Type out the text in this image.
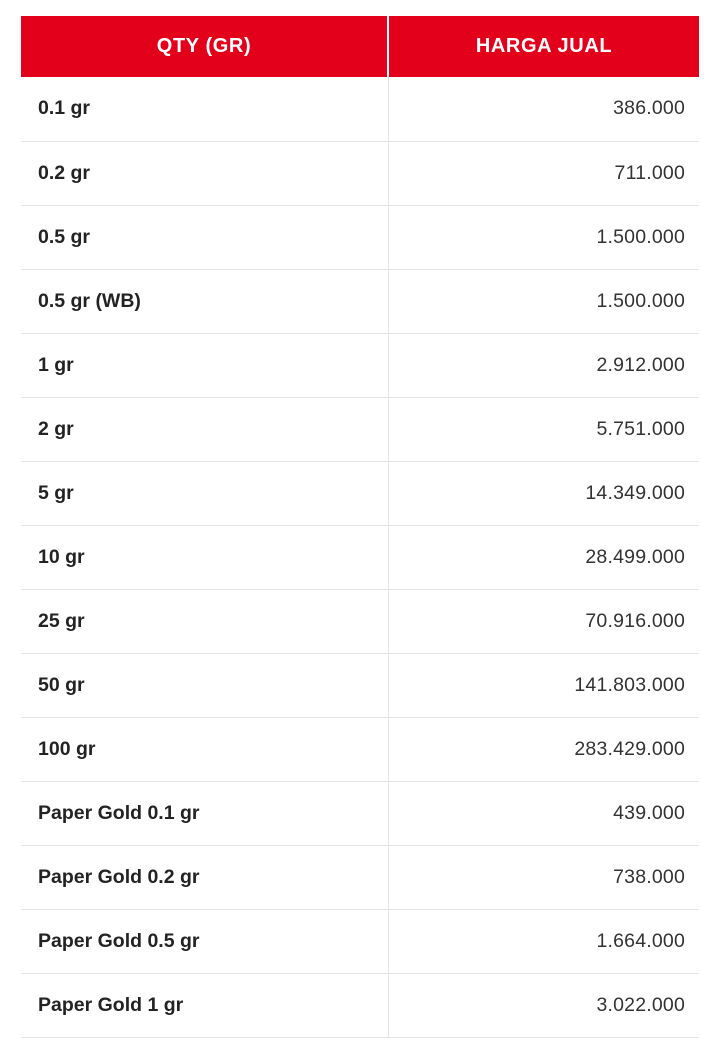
QTY (GR)	HARGA JUAL
0.1 gr	386.000
0.2 gr	711.000
0.5 gr	1.500.000
0.5 gr (WB)	1.500.000
1 gr	2.912.000
2 gr	5.751.000
5 gr	14.349.000
10 gr	28.499.000
25 gr	70.916.000
50 gr	141.803.000
100 gr	283.429.000
Paper Gold 0.1 gr	439.000
Paper Gold 0.2 gr	738.000
Paper Gold 0.5 gr	1.664.000
Paper Gold 1 gr	3.022.000
